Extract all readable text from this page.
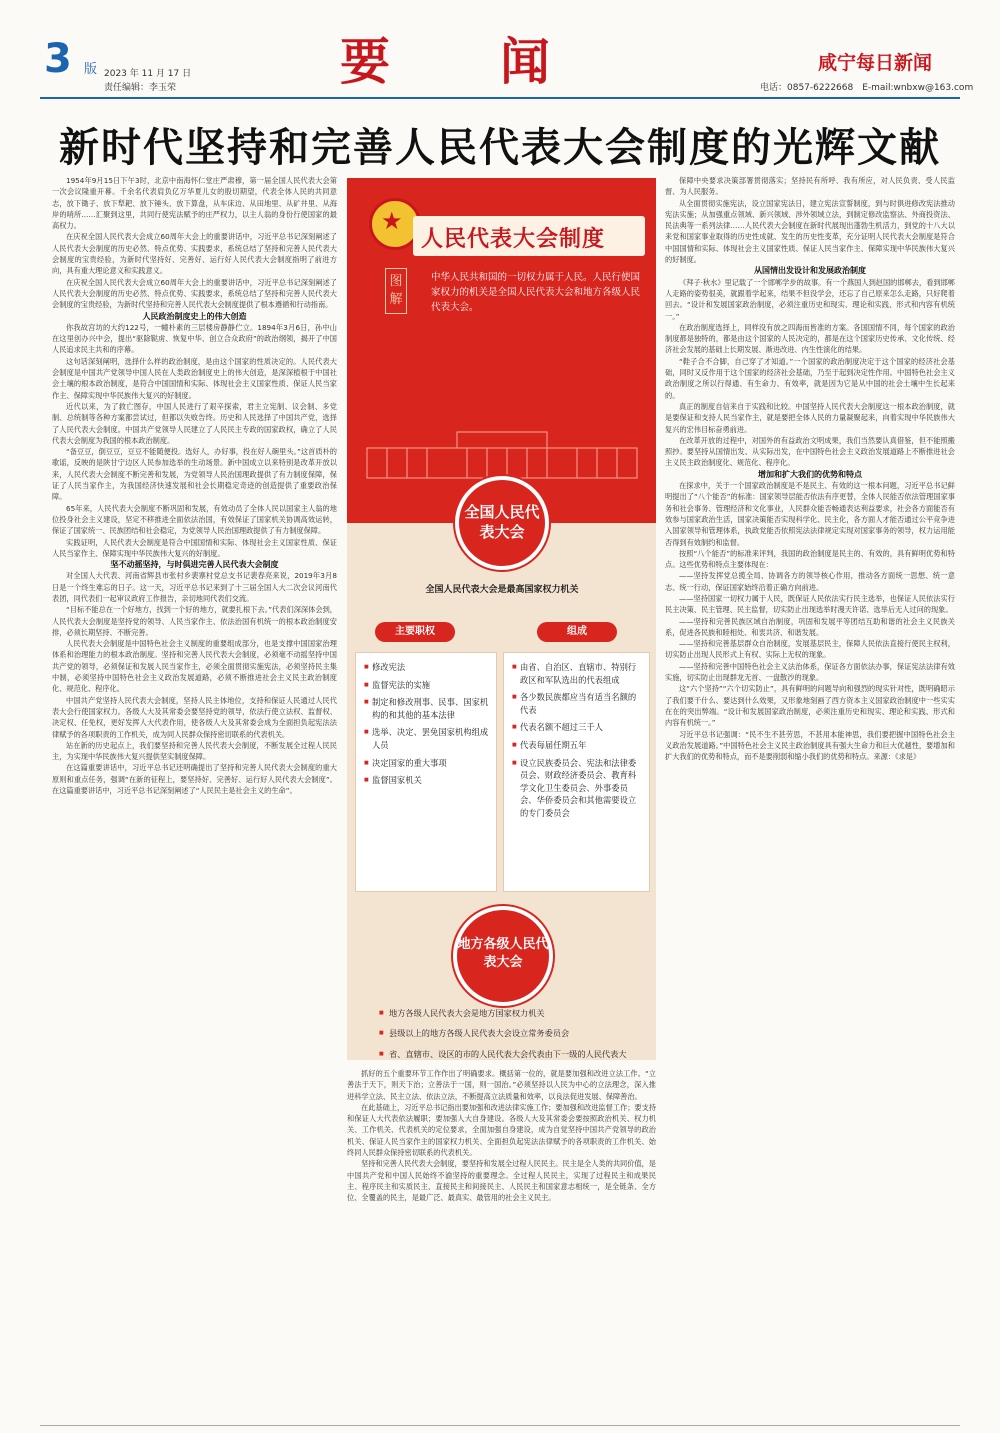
3 版 2023 年 11 月 17 日
责任编辑：李玉荣	要闻	咸宁每日新闻
电话：0857-6222668　E-mail:wnbxw@163.com
新时代坚持和完善人民代表大会制度的光辉文献

1954年9月15日下午3时，北京中南海怀仁堂庄严肃穆，第一届全国人民代表大会第一次会议隆重开幕。千余名代表肩负亿万华夏儿女的殷切期望，代表全体人民的共同意志，放下锄子、放下犁耙、放下锤头、放下算盘，从车床边、从田地里、从矿井里、从海岸的哨所……汇聚到这里，共同行使宪法赋予的庄严权力，以主人翁的身份行使国家的最高权力。

在庆祝全国人民代表大会成立60周年大会上的重要讲话中，习近平总书记深刻阐述了人民代表大会制度的历史必然、特点优势、实践要求，系统总结了坚持和完善人民代表大会制度的宝贵经验，为新时代坚持好、完善好、运行好人民代表大会制度指明了前进方向，具有重大理论意义和实践意义。

在庆祝全国人民代表大会成立60周年大会上的重要讲话中，习近平总书记深刻阐述了人民代表大会制度的历史必然、特点优势、实践要求，系统总结了坚持和完善人民代表大会制度的宝贵经验，为新时代坚持和完善人民代表大会制度提供了根本遵循和行动指南。

人民政治制度史上的伟大创造

你我故宫坊的大约122号，一幢朴素的三层楼房静静伫立。1894年3月6日，孙中山在这里创办兴中会，提出“驱除鞑虏、恢复中华、创立合众政府”的政治纲领，揭开了中国人民追求民主共和的序幕。

这句话深刻阐明，选择什么样的政治制度，是由这个国家的性质决定的。人民代表大会制度是中国共产党领导中国人民在人类政治制度史上的伟大创造，是深深植根于中国社会土壤的根本政治制度，是符合中国国情和实际、体现社会主义国家性质、保证人民当家作主、保障实现中华民族伟大复兴的好制度。

近代以来，为了救亡图存，中国人民进行了艰辛探索，君主立宪制、议会制、多党制、总统制等各种方案都尝试过，但都以失败告终。历史和人民选择了中国共产党，选择了人民代表大会制度。中国共产党领导人民建立了人民民主专政的国家政权，确立了人民代表大会制度为我国的根本政治制度。

“备豆豆，倒豆豆，豆豆不能随便投。选好人，办好事，投在好人碗里头。”这首质朴的歌谣，反映的是陕甘宁边区人民参加选举的生动场景。新中国成立以来特别是改革开放以来，人民代表大会制度不断完善和发展，为党领导人民治国理政提供了有力制度保障，保证了人民当家作主，为我国经济快速发展和社会长期稳定奇迹的创造提供了重要政治保障。

65年来，人民代表大会制度不断巩固和发展，有效动员了全体人民以国家主人翁的地位投身社会主义建设，坚定不移推进全面依法治国，有效保证了国家机关协调高效运转，保证了国家统一、民族团结和社会稳定，为党领导人民治国理政提供了有力制度保障。

实践证明，人民代表大会制度是符合中国国情和实际、体现社会主义国家性质、保证人民当家作主、保障实现中华民族伟大复兴的好制度。

坚不动摇坚持，与时俱进完善人民代表大会制度

对全国人大代表、河南省辉县市张村乡裴寨村党总支书记裴春亮来说，2019年3月8日是一个终生难忘的日子。这一天，习近平总书记来到了十三届全国人大二次会议河南代表团，同代表们一起审议政府工作报告，亲切地同代表们交流。

“目标不能总在一个好地方，找到一个好的地方，就要扎根下去。”代表们深深体会到，人民代表大会制度是坚持党的领导、人民当家作主、依法治国有机统一的根本政治制度安排，必须长期坚持、不断完善。

人民代表大会制度是中国特色社会主义制度的重要组成部分，也是支撑中国国家治理体系和治理能力的根本政治制度。坚持和完善人民代表大会制度，必须毫不动摇坚持中国共产党的领导，必须保证和发展人民当家作主，必须全面贯彻实施宪法，必须坚持民主集中制，必须坚持中国特色社会主义政治发展道路，必须不断推进社会主义民主政治制度化、规范化、程序化。

中国共产党坚持人民代表大会制度，坚持人民主体地位，支持和保证人民通过人民代表大会行使国家权力。各级人大及其常委会要坚持党的领导，依法行使立法权、监督权、决定权、任免权，更好发挥人大代表作用，使各级人大及其常委会成为全面担负起宪法法律赋予的各项职责的工作机关，成为同人民群众保持密切联系的代表机关。

站在新的历史起点上，我们要坚持和完善人民代表大会制度，不断发展全过程人民民主，为实现中华民族伟大复兴提供坚实制度保障。

在这篇重要讲话中，习近平总书记还明确提出了坚持和完善人民代表大会制度的重大原则和重点任务，强调“在新的征程上，要坚持好、完善好、运行好人民代表大会制度”。在这篇重要讲话中，习近平总书记深刻阐述了“人民民主是社会主义的生命”。

★
人民代表大会制度
图解
中华人民共和国的一切权力属于人民。人民行使国家权力的机关是全国人民代表大会和地方各级人民代表大会。
全国人民代表大会
全国人民代表大会是最高国家权力机关
主要职权	组成
■ 修改宪法
■ 监督宪法的实施
■ 制定和修改刑事、民事、国家机构的和其他的基本法律
■ 选举、决定、罢免国家机构组成人员
■ 决定国家的重大事项
■ 监督国家机关
■ 由省、自治区、直辖市、特别行政区和军队选出的代表组成
■ 各少数民族都应当有适当名额的代表
■ 代表名额不超过三千人
■ 代表每届任期五年
■ 设立民族委员会、宪法和法律委员会、财政经济委员会、教育科学文化卫生委员会、外事委员会、华侨委员会和其他需要设立的专门委员会
地方各级人民代表大会
■ 地方各级人民代表大会是地方国家权力机关
■ 县级以上的地方各级人民代表大会设立常务委员会
■ 省、直辖市、设区的市的人民代表大会代表由下一级的人民代表大

抓好的五个重要环节工作作出了明确要求。概括第一位的，就是要加强和改进立法工作。“立善法于天下，则天下治；立善法于一国，则一国治。”必须坚持以人民为中心的立法理念，深入推进科学立法、民主立法、依法立法，不断提高立法质量和效率，以良法促进发展、保障善治。

在此基础上，习近平总书记指出要加强和改进法律实施工作；要加强和改进监督工作；要支持和保证人大代表依法履职；要加强人大自身建设。各级人大及其常委会要按照政治机关、权力机关、工作机关、代表机关的定位要求，全面加强自身建设，成为自觉坚持中国共产党领导的政治机关、保证人民当家作主的国家权力机关、全面担负起宪法法律赋予的各项职责的工作机关、始终同人民群众保持密切联系的代表机关。

坚持和完善人民代表大会制度，要坚持和发展全过程人民民主。民主是全人类的共同价值，是中国共产党和中国人民始终不渝坚持的重要理念。全过程人民民主，实现了过程民主和成果民主、程序民主和实质民主、直接民主和间接民主、人民民主和国家意志相统一，是全链条、全方位、全覆盖的民主，是最广泛、最真实、最管用的社会主义民主。

保障中央要求决策部署贯彻落实；坚持民有所呼、我有所应，对人民负责、受人民监督、为人民服务。

从全面贯彻实施宪法，设立国家宪法日，建立宪法宣誓制度，到与时俱进修改宪法推动宪法实施；从加强重点领域、新兴领域、涉外领域立法，到制定修改监察法、外商投资法、民法典等一系列法律……人民代表大会制度在新时代展现出蓬勃生机活力，到党的十八大以来党和国家事业取得的历史性成就、发生的历史性变革，充分证明人民代表大会制度是符合中国国情和实际、体现社会主义国家性质、保证人民当家作主、保障实现中华民族伟大复兴的好制度。

从国情出发设计和发展政治制度

《拜子·秋水》里记载了一个邯郸学步的故事。有一个燕国人到赵国的邯郸去，看到邯郸人走路的姿势很美，就跟着学起来，结果不但没学会，还忘了自己原来怎么走路，只好爬着回去。“设计和发展国家政治制度，必须注重历史和现实、理论和实践、形式和内容有机统一。”

在政治制度选择上，同样没有放之四海而皆准的方案。各国国情不同，每个国家的政治制度都是独特的，都是由这个国家的人民决定的，都是在这个国家历史传承、文化传统、经济社会发展的基础上长期发展、渐进改进、内生性演化的结果。

“鞋子合不合脚，自己穿了才知道。”一个国家的政治制度决定于这个国家的经济社会基础，同时又反作用于这个国家的经济社会基础，乃至于起到决定性作用。中国特色社会主义政治制度之所以行得通、有生命力、有效率，就是因为它是从中国的社会土壤中生长起来的。

真正的制度自信来自于实践和比较。中国坚持人民代表大会制度这一根本政治制度，就是要保证和支持人民当家作主，就是要把全体人民的力量凝聚起来，向着实现中华民族伟大复兴的宏伟目标奋勇前进。

在改革开放的过程中，对国外的有益政治文明成果，我们当然要认真借鉴，但不能照搬照抄。要坚持从国情出发、从实际出发，在中国特色社会主义政治发展道路上不断推进社会主义民主政治制度化、规范化、程序化。

增加和扩大我们的优势和特点

在探求中，关于一个国家政治制度是不是民主、有效的这一根本问题，习近平总书记鲜明提出了“八个能否”的标准：国家领导层能否依法有序更替，全体人民能否依法管理国家事务和社会事务、管理经济和文化事业，人民群众能否畅通表达利益要求，社会各方面能否有效参与国家政治生活，国家决策能否实现科学化、民主化，各方面人才能否通过公平竞争进入国家领导和管理体系，执政党能否依照宪法法律规定实现对国家事务的领导，权力运用能否得到有效制约和监督。

按照“八个能否”的标准来评判，我国的政治制度是民主的、有效的，具有鲜明优势和特点。这些优势和特点主要体现在：

——坚持发挥党总揽全局、协调各方的领导核心作用，推动各方面统一思想、统一意志、统一行动，保证国家始终沿着正确方向前进。

——坚持国家一切权力属于人民，既保证人民依法实行民主选举，也保证人民依法实行民主决策、民主管理、民主监督，切实防止出现选举时漫天许诺、选举后无人过问的现象。

——坚持和完善民族区域自治制度，巩固和发展平等团结互助和谐的社会主义民族关系，促进各民族和睦相处、和衷共济、和谐发展。

——坚持和完善基层群众自治制度，发展基层民主，保障人民依法直接行使民主权利，切实防止出现人民形式上有权、实际上无权的现象。

——坚持和完善中国特色社会主义法治体系，保证各方面依法办事，保证宪法法律有效实施，切实防止出现群龙无首、一盘散沙的现象。

这“六个坚持”“六个切实防止”，具有鲜明的问题导向和强烈的现实针对性，既明确昭示了我们要干什么、要达到什么效果，又形象地刻画了西方资本主义国家政治制度中一些实实在在的突出弊端。“设计和发展国家政治制度，必须注重历史和现实、理论和实践、形式和内容有机统一。”

习近平总书记强调：“民不生不甚劳思，不甚用本能神思，我们要把握中国特色社会主义政治发展道路。”中国特色社会主义民主政治制度具有强大生命力和巨大优越性，要增加和扩大我们的优势和特点，而不是要削弱和缩小我们的优势和特点。来源：《求是》
